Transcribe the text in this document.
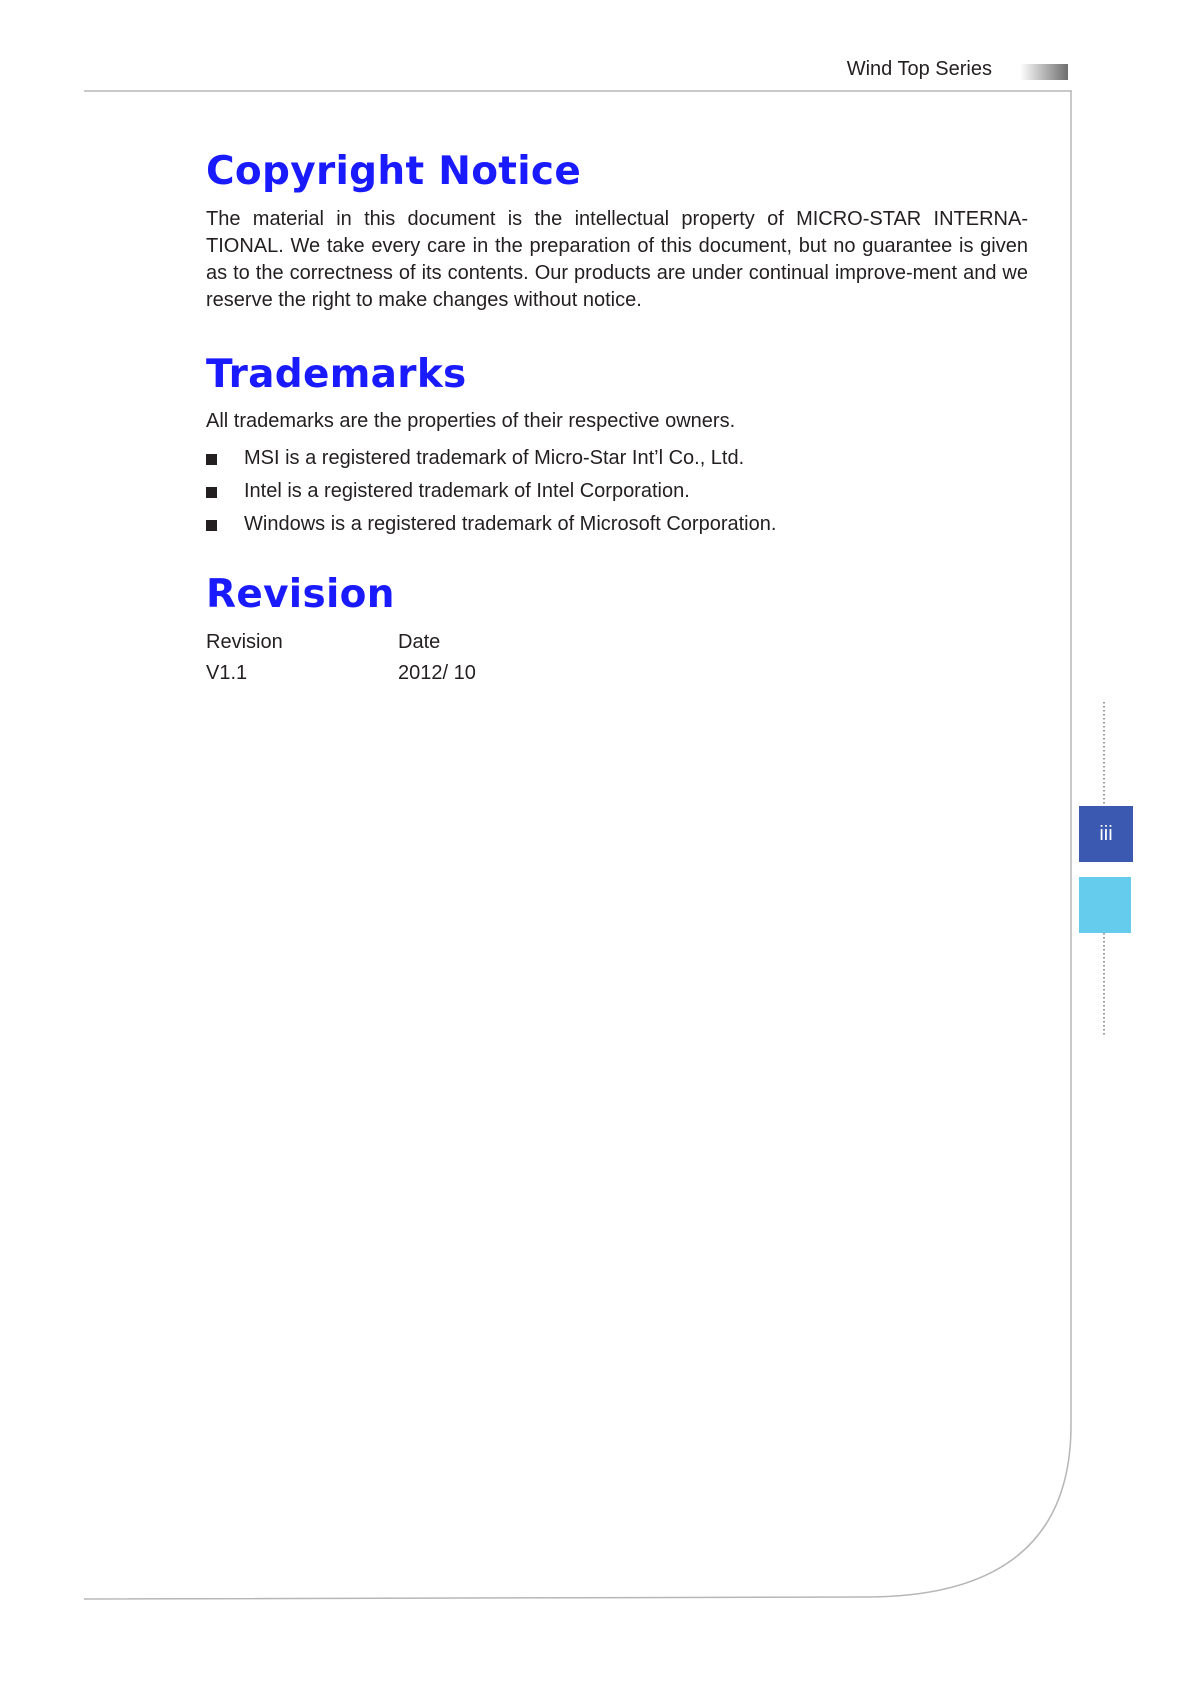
Wind Top Series
Copyright Notice

The material in this document is the intellectual property of MICRO-STAR INTERNA-TIONAL. We take every care in the preparation of this document, but no guarantee is given as to the correctness of its contents. Our products are under continual improve-ment and we reserve the right to make changes without notice.

Trademarks
All trademarks are the properties of their respective owners.
MSI is a registered trademark of Micro-Star Int’l Co., Ltd.
Intel is a registered trademark of Intel Corporation.
Windows is a registered trademark of Microsoft Corporation.
Revision
Revision	Date
V1.1	2012/ 10
iii
